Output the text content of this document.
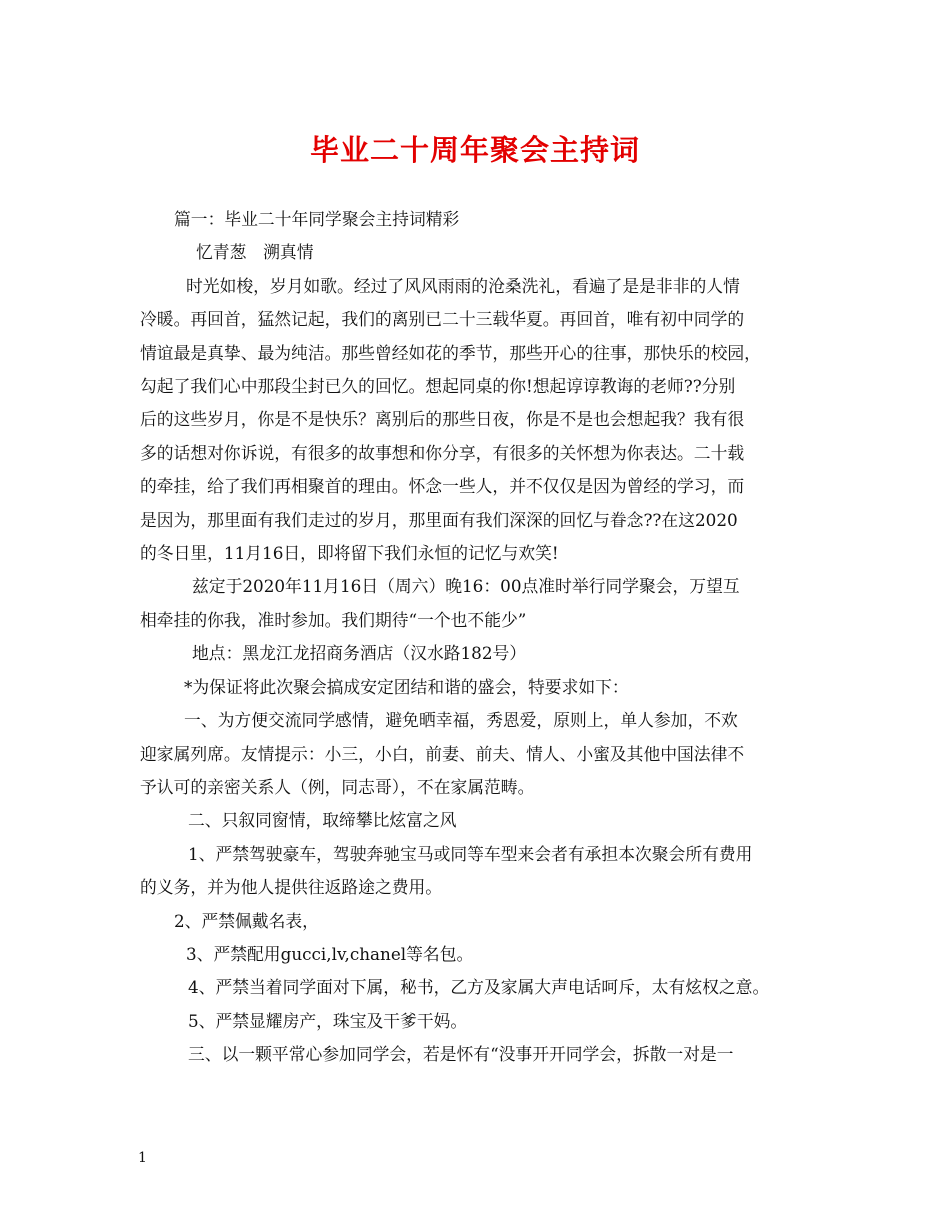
毕业二十周年聚会主持词

篇一：毕业二十年同学聚会主持词精彩

忆青葱　溯真情

时光如梭，岁月如歌。经过了风风雨雨的沧桑洗礼，看遍了是是非非的人情

冷暖。再回首，猛然记起，我们的离别已二十三载华夏。再回首，唯有初中同学的

情谊最是真挚、最为纯洁。那些曾经如花的季节，那些开心的往事，那快乐的校园，

勾起了我们心中那段尘封已久的回忆。想起同桌的你!想起谆谆教诲的老师??分别

后的这些岁月，你是不是快乐？离别后的那些日夜，你是不是也会想起我？我有很

多的话想对你诉说，有很多的故事想和你分享，有很多的关怀想为你表达。二十载

的牵挂，给了我们再相聚首的理由。怀念一些人，并不仅仅是因为曾经的学习，而

是因为，那里面有我们走过的岁月，那里面有我们深深的回忆与眷念??在这2020

的冬日里，11月16日，即将留下我们永恒的记忆与欢笑!

兹定于2020年11月16日（周六）晚16：00点准时举行同学聚会，万望互

相牵挂的你我，准时参加。我们期待“一个也不能少”

地点：黑龙江龙招商务酒店（汉水路182号）

*为保证将此次聚会搞成安定团结和谐的盛会，特要求如下：

一、为方便交流同学感情，避免晒幸福，秀恩爱，原则上，单人参加，不欢

迎家属列席。友情提示：小三，小白，前妻、前夫、情人、小蜜及其他中国法律不

予认可的亲密关系人（例，同志哥），不在家属范畴。

二、只叙同窗情，取缔攀比炫富之风

1、严禁驾驶豪车，驾驶奔驰宝马或同等车型来会者有承担本次聚会所有费用

的义务，并为他人提供往返路途之费用。

2、严禁佩戴名表，

3、严禁配用gucci,lv,chanel等名包。

4、严禁当着同学面对下属，秘书，乙方及家属大声电话呵斥，太有炫权之意。

5、严禁显耀房产，珠宝及干爹干妈。

三、以一颗平常心参加同学会，若是怀有“没事开开同学会，拆散一对是一

1
